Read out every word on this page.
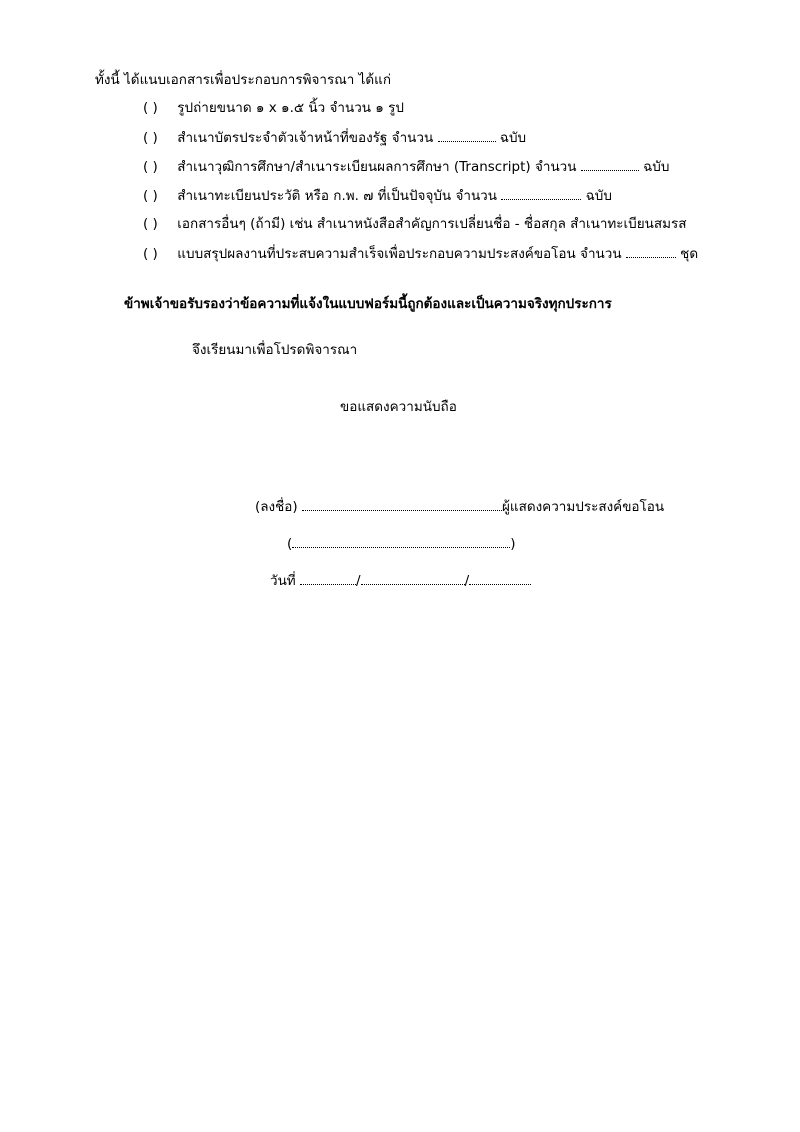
ทั้งนี้ ได้แนบเอกสารเพื่อประกอบการพิจารณา ได้แก่
( ) รูปถ่ายขนาด ๑ x ๑.๕ นิ้ว จำนวน ๑ รูป
( ) สำเนาบัตรประจำตัวเจ้าหน้าที่ของรัฐ จำนวน	ฉบับ
( ) สำเนาวุฒิการศึกษา/สำเนาระเบียนผลการศึกษา (Transcript) จำนวน	ฉบับ
( ) สำเนาทะเบียนประวัติ หรือ ก.พ. ๗ ที่เป็นปัจจุบัน จำนวน	ฉบับ
( ) เอกสารอื่นๆ (ถ้ามี) เช่น สำเนาหนังสือสำคัญการเปลี่ยนชื่อ - ชื่อสกุล สำเนาทะเบียนสมรส
( ) แบบสรุปผลงานที่ประสบความสำเร็จเพื่อประกอบความประสงค์ขอโอน จำนวน	ชุด
ข้าพเจ้าขอรับรองว่าข้อความที่แจ้งในแบบฟอร์มนี้ถูกต้องและเป็นความจริงทุกประการ
จึงเรียนมาเพื่อโปรดพิจารณา
ขอแสดงความนับถือ
(ลงชื่อ)	ผู้แสดงความประสงค์ขอโอน
(	)
วันที่	/	/
